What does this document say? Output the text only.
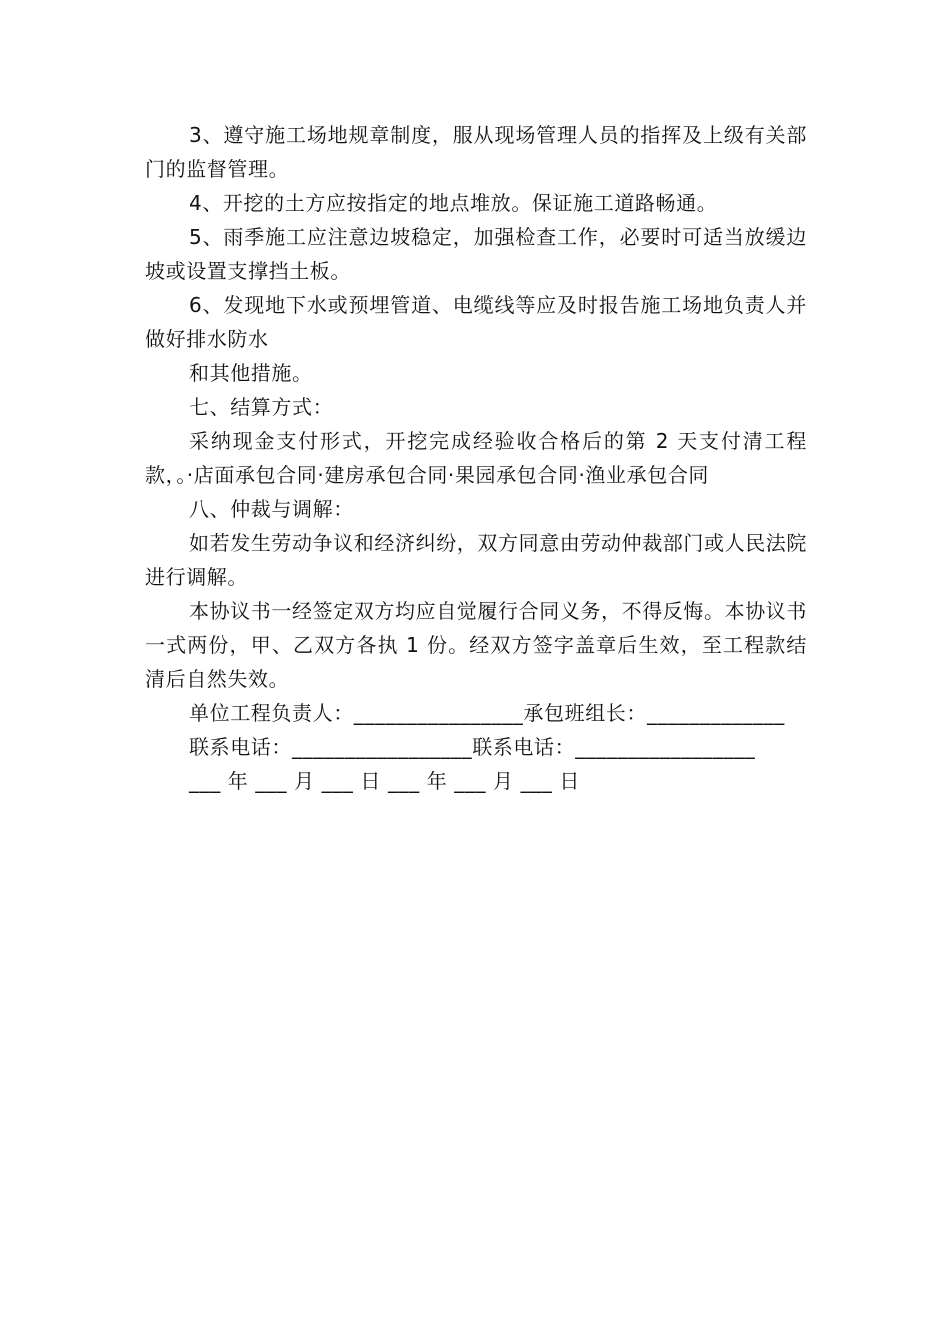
3、遵守施工场地规章制度，服从现场管理人员的指挥及上级有关部门的监督管理。

4、开挖的土方应按指定的地点堆放。保证施工道路畅通。

5、雨季施工应注意边坡稳定，加强检查工作，必要时可适当放缓边坡或设置支撑挡土板。

6、发现地下水或预埋管道、电缆线等应及时报告施工场地负责人并做好排水防水

和其他措施。

七、结算方式：

采纳现金支付形式，开挖完成经验收合格后的第 2 天支付清工程款，。·店面承包合同·建房承包合同·果园承包合同·渔业承包合同

八、仲裁与调解：

如若发生劳动争议和经济纠纷，双方同意由劳动仲裁部门或人民法院进行调解。

本协议书一经签定双方均应自觉履行合同义务，不得反悔。本协议书一式两份，甲、乙双方各执 1 份。经双方签字盖章后生效，至工程款结清后自然失效。

单位工程负责人：________________承包班组长：_____________

联系电话：_________________联系电话：_________________

___ 年 ___ 月 ___ 日 ___ 年 ___ 月 ___ 日
